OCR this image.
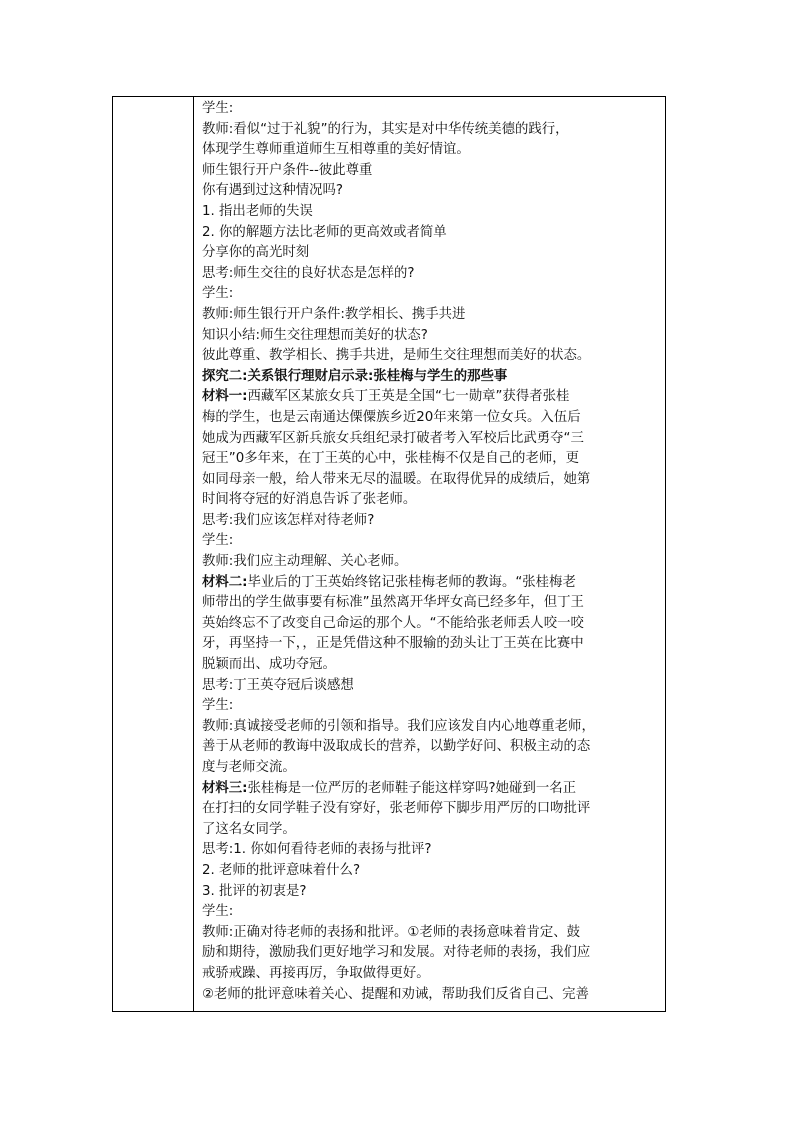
学生:
教师:看似“过于礼貌”的行为，其实是对中华传统美德的践行，
体现学生尊师重道师生互相尊重的美好情谊。
师生银行开户条件--彼此尊重
你有遇到过这种情况吗?
1. 指出老师的失误
2. 你的解题方法比老师的更高效或者简单
分享你的高光时刻
思考:师生交往的良好状态是怎样的?
学生:
教师:师生银行开户条件:教学相长、携手共进
知识小结:师生交往理想而美好的状态?
彼此尊重、教学相长、携手共进，是师生交往理想而美好的状态。
探究二:关系银行理财启示录:张桂梅与学生的那些事
材料一:西藏军区某旅女兵丁王英是全国“七一勋章”获得者张桂
梅的学生，也是云南通达傈僳族乡近20年来第一位女兵。入伍后
她成为西藏军区新兵旅女兵组纪录打破者考入军校后比武勇夺“三
冠王”0多年来，在丁王英的心中，张桂梅不仅是自己的老师，更
如同母亲一般，给人带来无尽的温暖。在取得优异的成绩后，她第
时间将夺冠的好消息告诉了张老师。
思考:我们应该怎样对待老师?
学生:
教师:我们应主动理解、关心老师。
材料二:毕业后的丁王英始终铭记张桂梅老师的教诲。“张桂梅老
师带出的学生做事要有标准”虽然离开华坪女高已经多年，但丁王
英始终忘不了改变自己命运的那个人。“不能给张老师丢人咬一咬
牙，再坚持一下，，正是凭借这种不服输的劲头让丁王英在比赛中
脱颖而出、成功夺冠。
思考:丁王英夺冠后谈感想
学生:
教师:真诚接受老师的引领和指导。我们应该发自内心地尊重老师，
善于从老师的教诲中汲取成长的营养，以勤学好问、积极主动的态
度与老师交流。
材料三:张桂梅是一位严厉的老师鞋子能这样穿吗?她碰到一名正
在打扫的女同学鞋子没有穿好，张老师停下脚步用严厉的口吻批评
了这名女同学。
思考:1. 你如何看待老师的表扬与批评?
2. 老师的批评意味着什么?
3. 批评的初衷是?
学生:
教师:正确对待老师的表扬和批评。①老师的表扬意味着肯定、鼓
励和期待，激励我们更好地学习和发展。对待老师的表扬，我们应
戒骄戒躁、再接再厉，争取做得更好。
②老师的批评意味着关心、提醒和劝诫，帮助我们反省自己、完善
